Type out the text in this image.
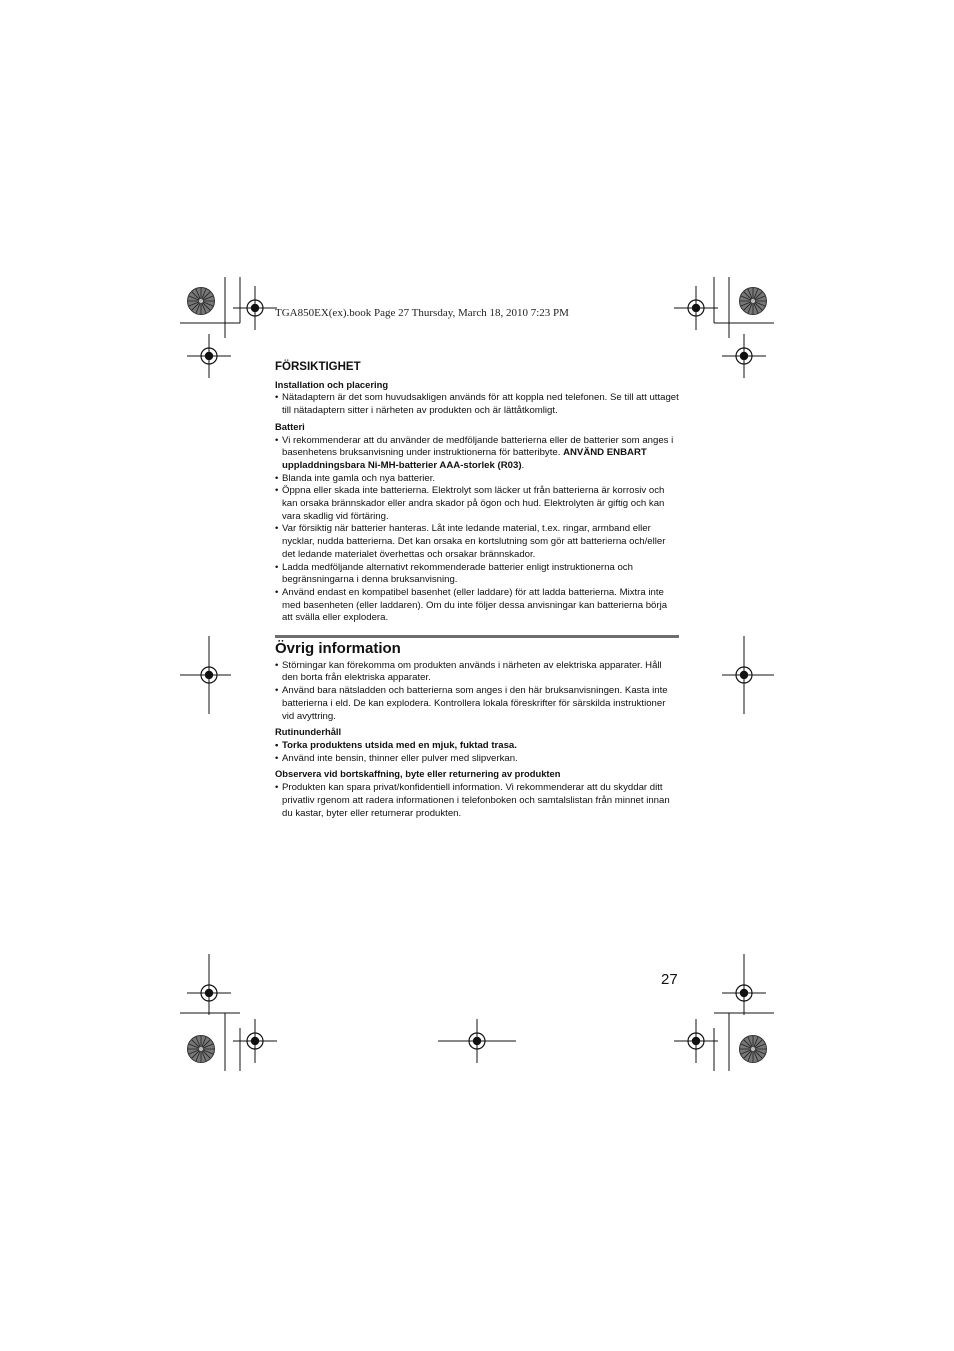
TGA850EX(ex).book Page 27 Thursday, March 18, 2010 7:23 PM
FÖRSIKTIGHET
Installation och placering
• Nätadaptern är det som huvudsakligen används för att koppla ned telefonen. Se till att uttaget till nätadaptern sitter i närheten av produkten och är lättåtkomligt.
Batteri
• Vi rekommenderar att du använder de medföljande batterierna eller de batterier som anges i basenhetens bruksanvisning under instruktionerna för batteribyte. ANVÄND ENBART uppladdningsbara Ni-MH-batterier AAA-storlek (R03).
• Blanda inte gamla och nya batterier.
• Öppna eller skada inte batterierna. Elektrolyt som läcker ut från batterierna är korrosiv och kan orsaka brännskador eller andra skador på ögon och hud. Elektrolyten är giftig och kan vara skadlig vid förtäring.
• Var försiktig när batterier hanteras. Låt inte ledande material, t.ex. ringar, armband eller nycklar, nudda batterierna. Det kan orsaka en kortslutning som gör att batterierna och/eller det ledande materialet överhettas och orsakar brännskador.
• Ladda medföljande alternativt rekommenderade batterier enligt instruktionerna och begränsningarna i denna bruksanvisning.
• Använd endast en kompatibel basenhet (eller laddare) för att ladda batterierna. Mixtra inte med basenheten (eller laddaren). Om du inte följer dessa anvisningar kan batterierna börja att svälla eller explodera.
Övrig information
• Störningar kan förekomma om produkten används i närheten av elektriska apparater. Håll den borta från elektriska apparater.
• Använd bara nätsladden och batterierna som anges i den här bruksanvisningen. Kasta inte batterierna i eld. De kan explodera. Kontrollera lokala föreskrifter för särskilda instruktioner vid avyttring.
Rutinunderhåll
• Torka produktens utsida med en mjuk, fuktad trasa.
• Använd inte bensin, thinner eller pulver med slipverkan.
Observera vid bortskaffning, byte eller returnering av produkten
• Produkten kan spara privat/konfidentiell information. Vi rekommenderar att du skyddar ditt privatliv rgenom att radera informationen i telefonboken och samtalslistan från minnet innan du kastar, byter eller returnerar produkten.
27
